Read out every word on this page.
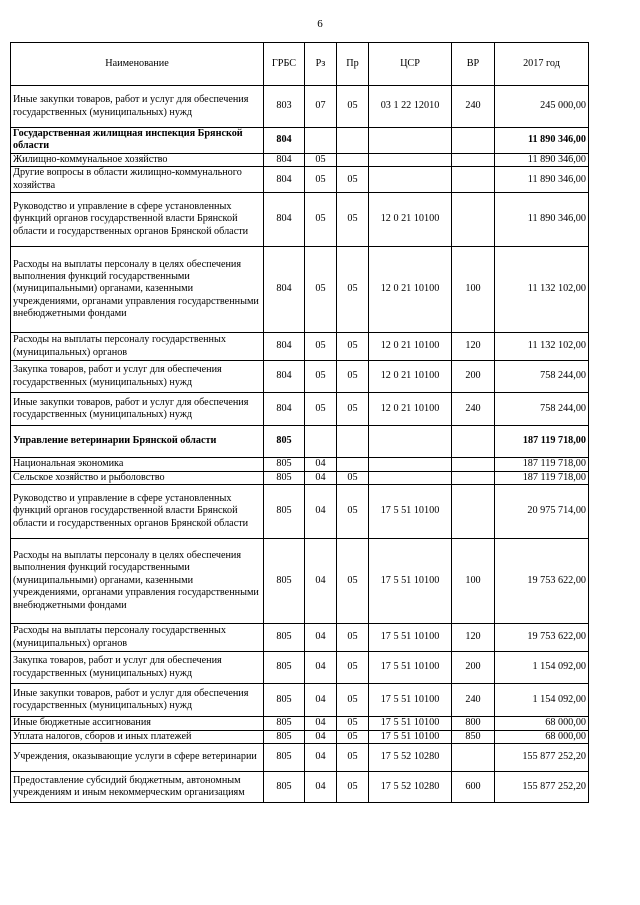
6
Наименование	ГРБС	Рз	Пр	ЦСР	ВР	2017 год
Иные закупки товаров, работ и услуг для обеспечения государственных (муниципальных) нужд	803	07	05	03 1 22 12010	240	245 000,00
Государственная жилищная инспекция Брянской области	804					11 890 346,00
Жилищно-коммунальное хозяйство	804	05				11 890 346,00
Другие вопросы в области жилищно-коммунального хозяйства	804	05	05			11 890 346,00
Руководство и управление в сфере установленных функций органов государственной власти Брянской области и государственных органов Брянской области	804	05	05	12 0 21 10100		11 890 346,00
Расходы на выплаты персоналу в целях обеспечения выполнения функций государственными (муниципальными) органами, казенными учреждениями, органами управления государственными внебюджетными фондами	804	05	05	12 0 21 10100	100	11 132 102,00
Расходы на выплаты персоналу государственных (муниципальных) органов	804	05	05	12 0 21 10100	120	11 132 102,00
Закупка товаров, работ и услуг для обеспечения государственных (муниципальных) нужд	804	05	05	12 0 21 10100	200	758 244,00
Иные закупки товаров, работ и услуг для обеспечения государственных (муниципальных) нужд	804	05	05	12 0 21 10100	240	758 244,00
Управление ветеринарии Брянской области	805					187 119 718,00
Национальная экономика	805	04				187 119 718,00
Сельское хозяйство и рыболовство	805	04	05			187 119 718,00
Руководство и управление в сфере установленных функций органов государственной власти Брянской области и государственных органов Брянской области	805	04	05	17 5 51 10100		20 975 714,00
Расходы на выплаты персоналу в целях обеспечения выполнения функций государственными (муниципальными) органами, казенными учреждениями, органами управления государственными внебюджетными фондами	805	04	05	17 5 51 10100	100	19 753 622,00
Расходы на выплаты персоналу государственных (муниципальных) органов	805	04	05	17 5 51 10100	120	19 753 622,00
Закупка товаров, работ и услуг для обеспечения государственных (муниципальных) нужд	805	04	05	17 5 51 10100	200	1 154 092,00
Иные закупки товаров, работ и услуг для обеспечения государственных (муниципальных) нужд	805	04	05	17 5 51 10100	240	1 154 092,00
Иные бюджетные ассигнования	805	04	05	17 5 51 10100	800	68 000,00
Уплата налогов, сборов и иных платежей	805	04	05	17 5 51 10100	850	68 000,00
Учреждения, оказывающие услуги в сфере ветеринарии	805	04	05	17 5 52 10280		155 877 252,20
Предоставление субсидий бюджетным, автономным учреждениям и иным некоммерческим организациям	805	04	05	17 5 52 10280	600	155 877 252,20
